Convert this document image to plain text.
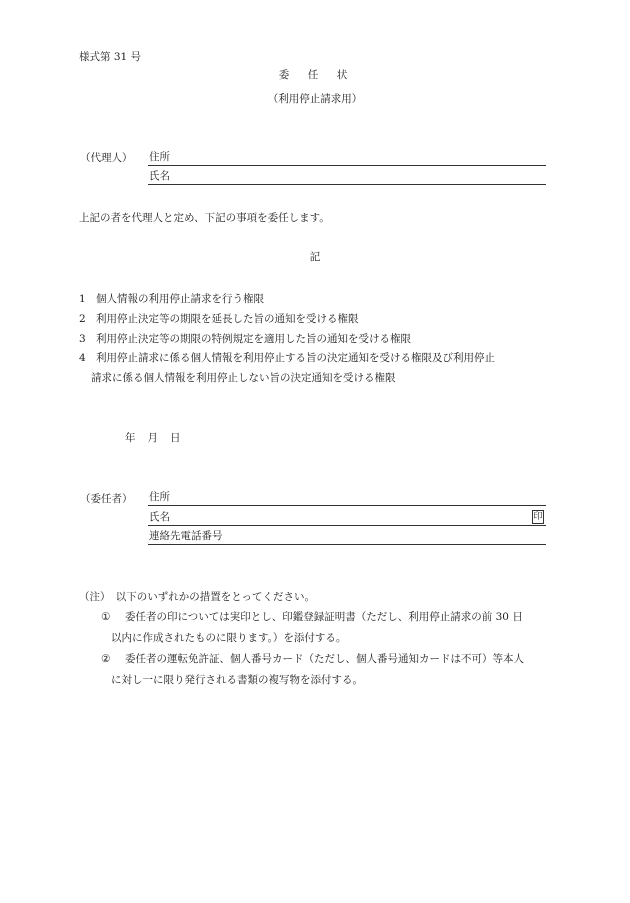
様式第 31 号
委　任　状
（利用停止請求用）
（代理人） 住所
氏名
上記の者を代理人と定め、下記の事項を委任します。
記
1 個人情報の利用停止請求を行う権限
2 利用停止決定等の期限を延長した旨の通知を受ける権限
3 利用停止決定等の期限の特例規定を適用した旨の通知を受ける権限
4 利用停止請求に係る個人情報を利用停止する旨の決定通知を受ける権限及び利用停止
請求に係る個人情報を利用停止しない旨の決定通知を受ける権限
年 月 日
（委任者） 住所
氏名	印
連絡先電話番号
（注）　以下のいずれかの措置をとってください。
① 委任者の印については実印とし、印鑑登録証明書（ただし、利用停止請求の前 30 日
以内に作成されたものに限ります。）を添付する。
② 委任者の運転免許証、個人番号カード（ただし、個人番号通知カードは不可）等本人
に対し一に限り発行される書類の複写物を添付する。
